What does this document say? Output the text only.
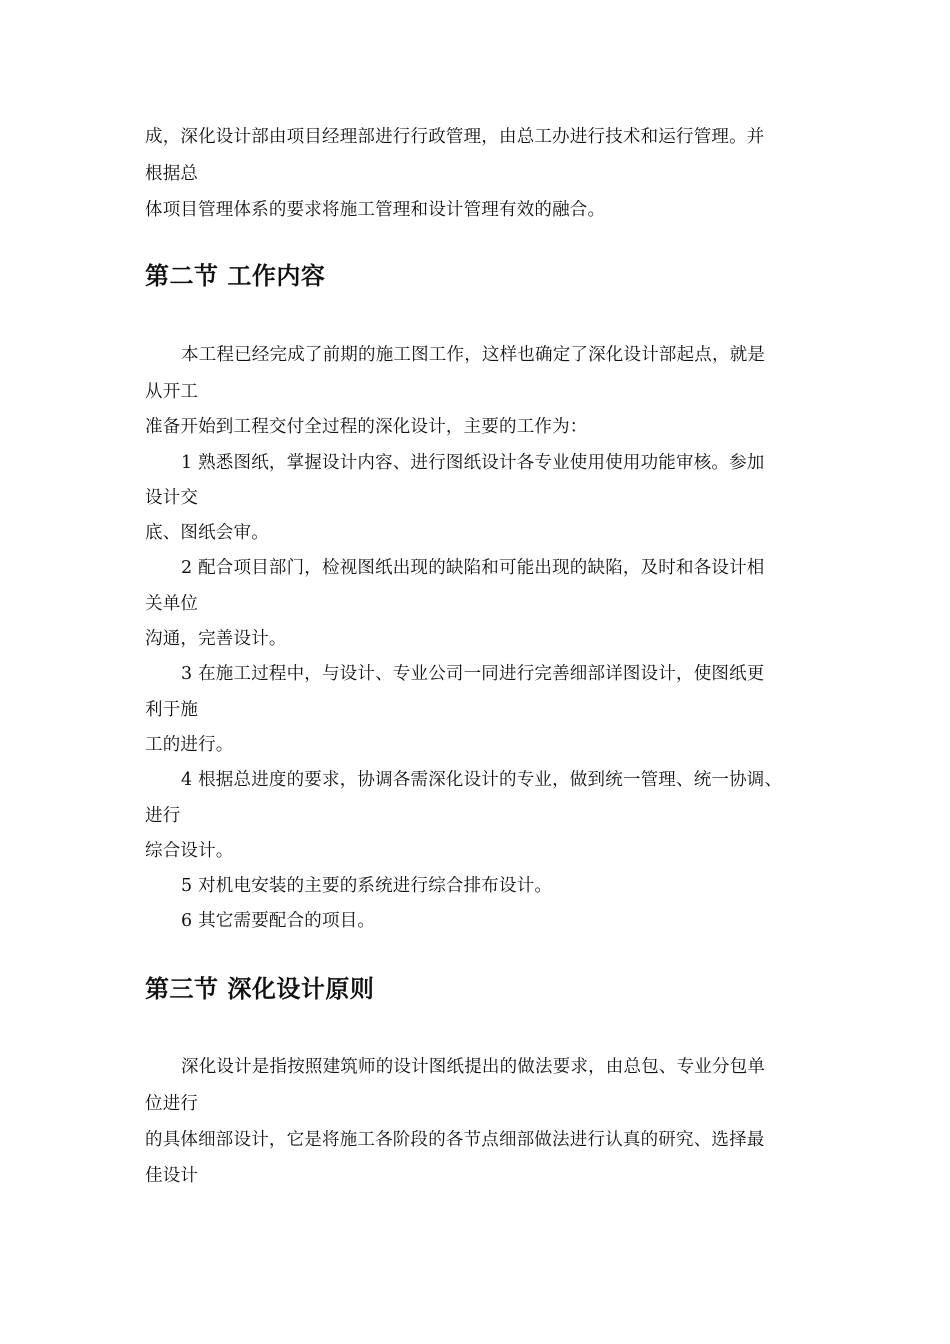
成，深化设计部由项目经理部进行行政管理，由总工办进行技术和运行管理。并
根据总
体项目管理体系的要求将施工管理和设计管理有效的融合。
第二节 工作内容
本工程已经完成了前期的施工图工作，这样也确定了深化设计部起点，就是
从开工
准备开始到工程交付全过程的深化设计，主要的工作为：
1 熟悉图纸，掌握设计内容、进行图纸设计各专业使用使用功能审核。参加
设计交
底、图纸会审。
2 配合项目部门，检视图纸出现的缺陷和可能出现的缺陷，及时和各设计相
关单位
沟通，完善设计。
3 在施工过程中，与设计、专业公司一同进行完善细部详图设计，使图纸更
利于施
工的进行。
4 根据总进度的要求，协调各需深化设计的专业，做到统一管理、统一协调、
进行
综合设计。
5 对机电安装的主要的系统进行综合排布设计。
6 其它需要配合的项目。
第三节 深化设计原则
深化设计是指按照建筑师的设计图纸提出的做法要求，由总包、专业分包单
位进行
的具体细部设计，它是将施工各阶段的各节点细部做法进行认真的研究、选择最
佳设计
